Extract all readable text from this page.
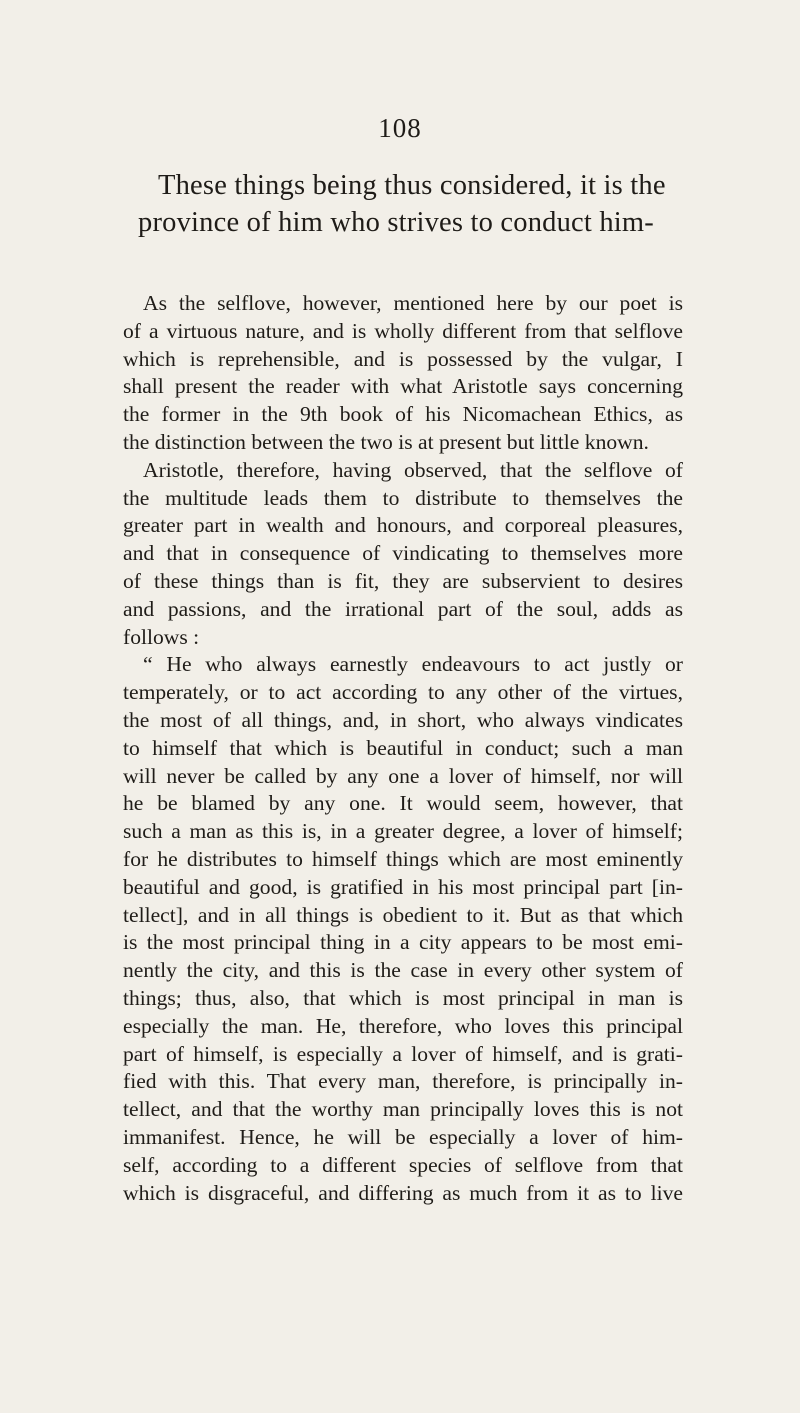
108
These things being thus considered, it is the
province of him who strives to conduct him-
As the selflove, however, mentioned here by our poet is
of a virtuous nature, and is wholly different from that selflove
which is reprehensible, and is possessed by the vulgar, I
shall present the reader with what Aristotle says concerning
the former in the 9th book of his Nicomachean Ethics, as
the distinction between the two is at present but little known.
Aristotle, therefore, having observed, that the selflove of
the multitude leads them to distribute to themselves the
greater part in wealth and honours, and corporeal pleasures,
and that in consequence of vindicating to themselves more
of these things than is fit, they are subservient to desires
and passions, and the irrational part of the soul, adds as
follows :
“ He who always earnestly endeavours to act justly or
temperately, or to act according to any other of the virtues,
the most of all things, and, in short, who always vindicates
to himself that which is beautiful in conduct; such a man
will never be called by any one a lover of himself, nor will
he be blamed by any one. It would seem, however, that
such a man as this is, in a greater degree, a lover of himself;
for he distributes to himself things which are most eminently
beautiful and good, is gratified in his most principal part [in-
tellect], and in all things is obedient to it. But as that which
is the most principal thing in a city appears to be most emi-
nently the city, and this is the case in every other system of
things; thus, also, that which is most principal in man is
especially the man. He, therefore, who loves this principal
part of himself, is especially a lover of himself, and is grati-
fied with this. That every man, therefore, is principally in-
tellect, and that the worthy man principally loves this is not
immanifest. Hence, he will be especially a lover of him-
self, according to a different species of selflove from that
which is disgraceful, and differing as much from it as to live
